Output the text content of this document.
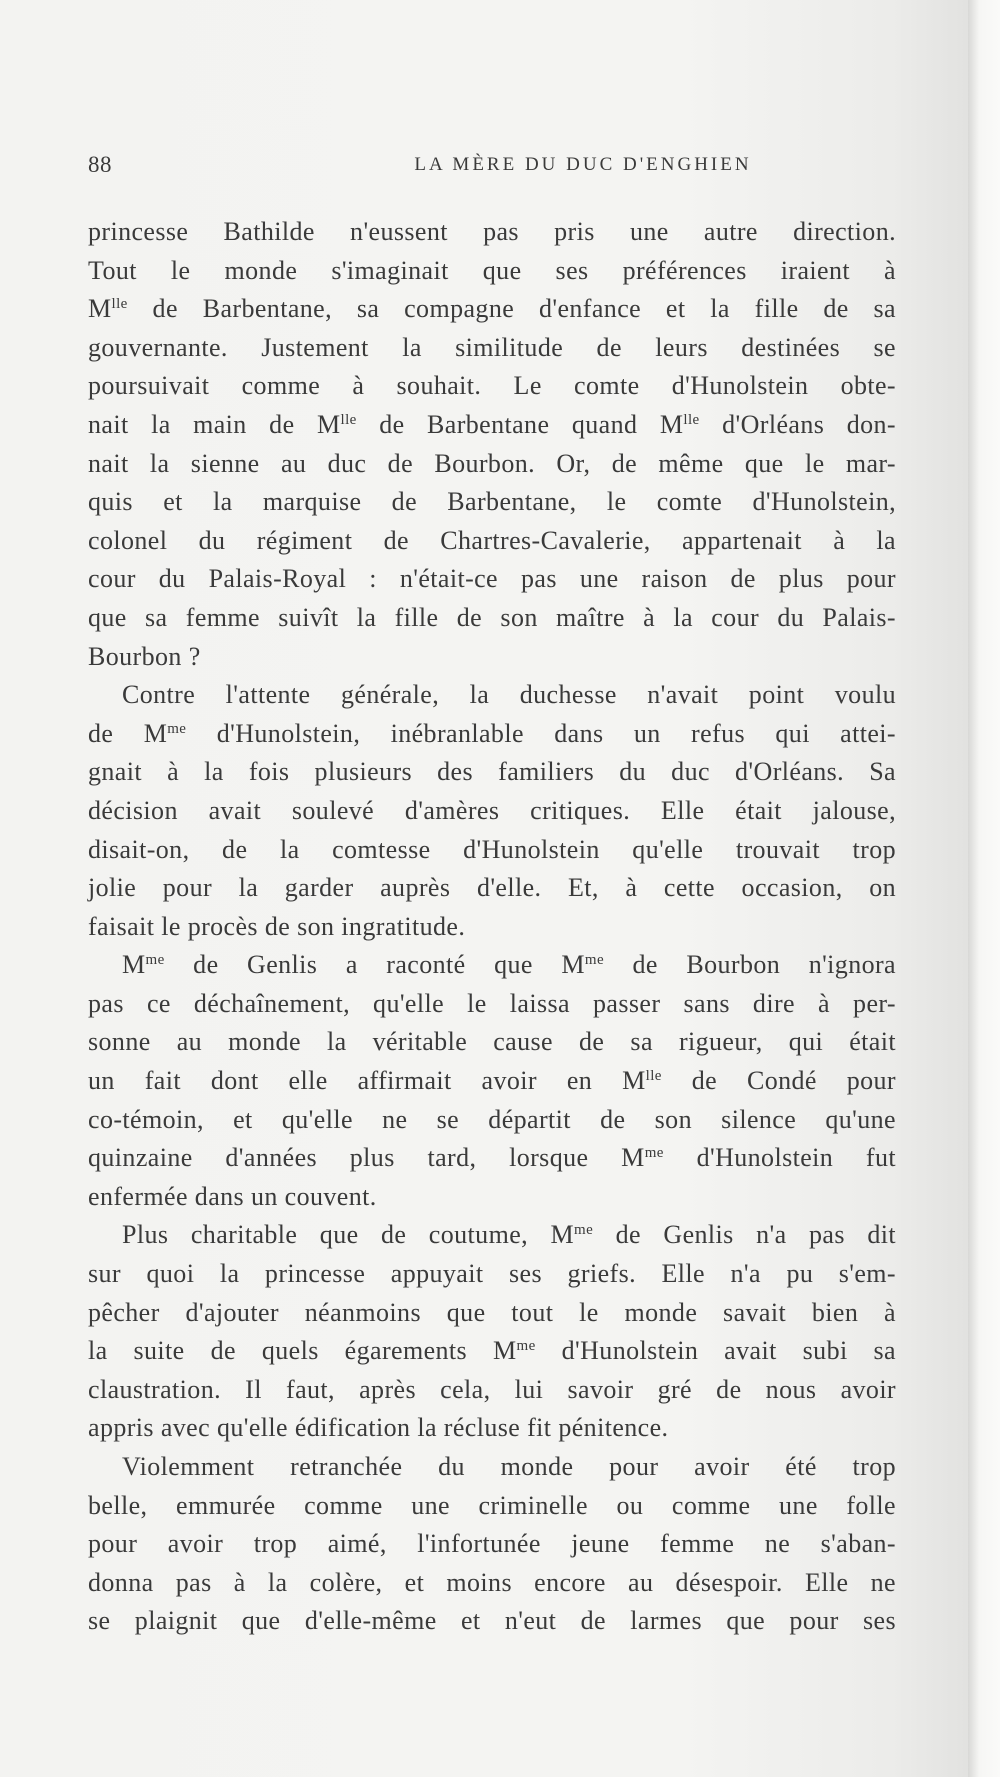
88	LA MÈRE DU DUC D'ENGHIEN
princesse Bathilde n'eussent pas pris une autre direction.
Tout le monde s'imaginait que ses préférences iraient à
$M^{lle}$ de Barbentane, sa compagne d'enfance et la fille de sa
gouvernante. Justement la similitude de leurs destinées se
poursuivait comme à souhait. Le comte d'Hunolstein obte-
nait la main de $M^{lle}$ de Barbentane quand $M^{lle}$ d'Orléans don-
nait la sienne au duc de Bourbon. Or, de même que le mar-
quis et la marquise de Barbentane, le comte d'Hunolstein,
colonel du régiment de Chartres-Cavalerie, appartenait à la
cour du Palais-Royal : n'était-ce pas une raison de plus pour
que sa femme suivît la fille de son maître à la cour du Palais-
Bourbon ?
Contre l'attente générale, la duchesse n'avait point voulu
de $M^{me}$ d'Hunolstein, inébranlable dans un refus qui attei-
gnait à la fois plusieurs des familiers du duc d'Orléans. Sa
décision avait soulevé d'amères critiques. Elle était jalouse,
disait-on, de la comtesse d'Hunolstein qu'elle trouvait trop
jolie pour la garder auprès d'elle. Et, à cette occasion, on
faisait le procès de son ingratitude.
$M^{me}$ de Genlis a raconté que $M^{me}$ de Bourbon n'ignora
pas ce déchaînement, qu'elle le laissa passer sans dire à per-
sonne au monde la véritable cause de sa rigueur, qui était
un fait dont elle affirmait avoir en $M^{lle}$ de Condé pour
co-témoin, et qu'elle ne se départit de son silence qu'une
quinzaine d'années plus tard, lorsque $M^{me}$ d'Hunolstein fut
enfermée dans un couvent.
Plus charitable que de coutume, $M^{me}$ de Genlis n'a pas dit
sur quoi la princesse appuyait ses griefs. Elle n'a pu s'em-
pêcher d'ajouter néanmoins que tout le monde savait bien à
la suite de quels égarements $M^{me}$ d'Hunolstein avait subi sa
claustration. Il faut, après cela, lui savoir gré de nous avoir
appris avec qu'elle édification la récluse fit pénitence.
Violemment retranchée du monde pour avoir été trop
belle, emmurée comme une criminelle ou comme une folle
pour avoir trop aimé, l'infortunée jeune femme ne s'aban-
donna pas à la colère, et moins encore au désespoir. Elle ne
se plaignit que d'elle-même et n'eut de larmes que pour ses
